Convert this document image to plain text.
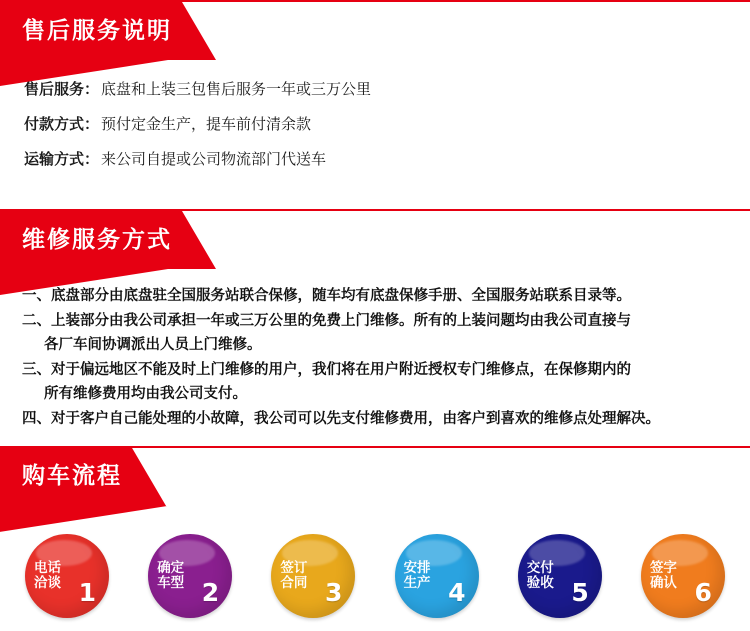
售后服务说明
售后服务： 底盘和上装三包售后服务一年或三万公里
付款方式： 预付定金生产，提车前付清余款
运输方式： 来公司自提或公司物流部门代送车
维修服务方式
一、底盘部分由底盘驻全国服务站联合保修，随车均有底盘保修手册、全国服务站联系目录等。
二、上装部分由我公司承担一年或三万公里的免费上门维修。所有的上装问题均由我公司直接与
各厂车间协调派出人员上门维修。
三、对于偏远地区不能及时上门维修的用户，我们将在用户附近授权专门维修点，在保修期内的
所有维修费用均由我公司支付。
四、对于客户自己能处理的小故障，我公司可以先支付维修费用，由客户到喜欢的维修点处理解决。
购车流程
电话
洽谈 1
确定
车型 2
签订
合同 3
安排
生产 4
交付
验收 5
签字
确认 6
